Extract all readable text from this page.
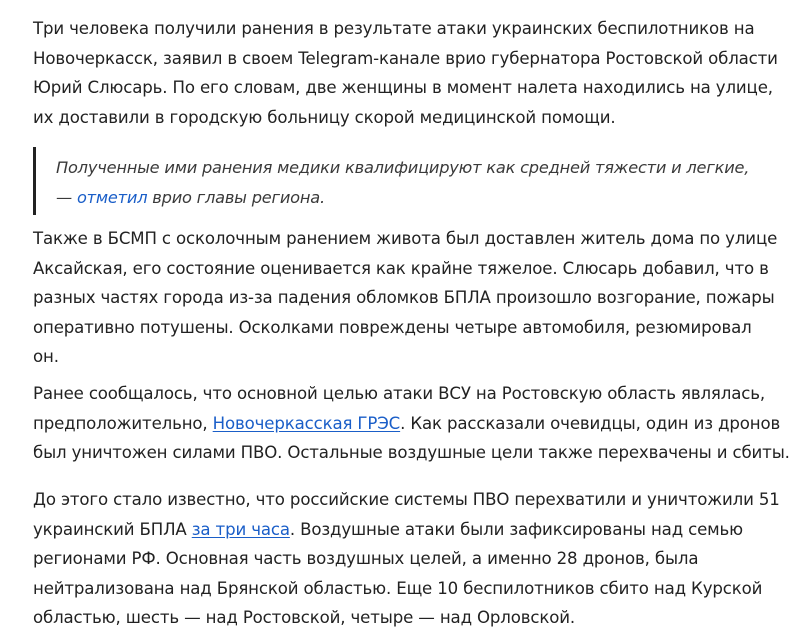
Три человека получили ранения в результате атаки украинских беспилотников на
Новочеркасск, заявил в своем Telegram-канале врио губернатора Ростовской области
Юрий Слюсарь. По его словам, две женщины в момент налета находились на улице,
их доставили в городскую больницу скорой медицинской помощи.

Полученные ими ранения медики квалифицируют как средней тяжести и легкие,
— отметил врио главы региона.

Также в БСМП с осколочным ранением живота был доставлен житель дома по улице
Аксайская, его состояние оценивается как крайне тяжелое. Слюсарь добавил, что в
разных частях города из-за падения обломков БПЛА произошло возгорание, пожары
оперативно потушены. Осколками повреждены четыре автомобиля, резюмировал
он.

Ранее сообщалось, что основной целью атаки ВСУ на Ростовскую область являлась,
предположительно, Новочеркасская ГРЭС. Как рассказали очевидцы, один из дронов
был уничтожен силами ПВО. Остальные воздушные цели также перехвачены и сбиты.

До этого стало известно, что российские системы ПВО перехватили и уничтожили 51
украинский БПЛА за три часа. Воздушные атаки были зафиксированы над семью
регионами РФ. Основная часть воздушных целей, а именно 28 дронов, была
нейтрализована над Брянской областью. Еще 10 беспилотников сбито над Курской
областью, шесть — над Ростовской, четыре — над Орловской.
